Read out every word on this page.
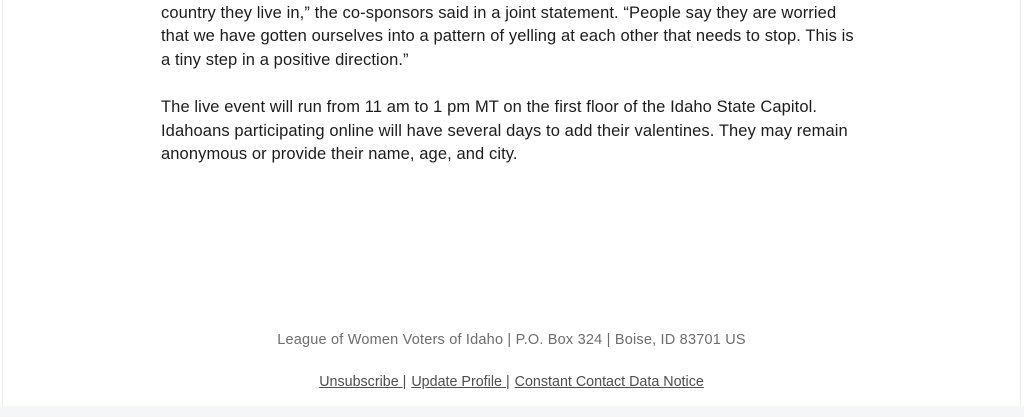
country they live in,” the co-sponsors said in a joint statement. “People say they are worried that we have gotten ourselves into a pattern of yelling at each other that needs to stop. This is a tiny step in a positive direction.”

The live event will run from 11 am to 1 pm MT on the first floor of the Idaho State Capitol. Idahoans participating online will have several days to add their valentines. They may remain anonymous or provide their name, age, and city.

League of Women Voters of Idaho | P.O. Box 324 | Boise, ID 83701 US
Unsubscribe | Update Profile | Constant Contact Data Notice
